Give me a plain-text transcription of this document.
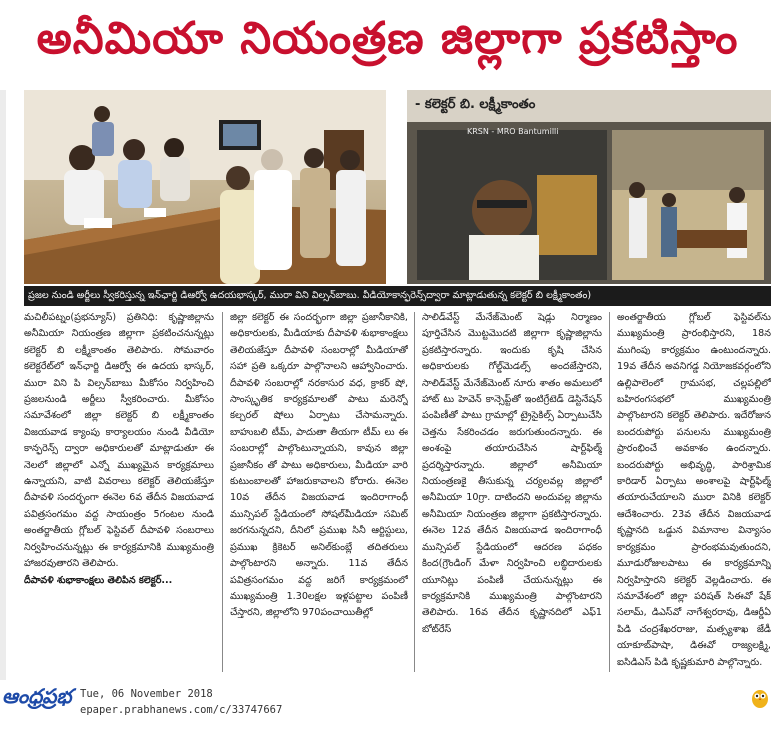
అనీమియా నియంత్రణ జిల్లాగా ప్రకటిస్తాం
KRSN - MRO Bantumilli
- కలెక్టర్ బి. లక్ష్మీకాంతం
ప్రజల నుండి అర్జీలు స్వీకరిస్తున్న ఇన్‌ఛార్జి డిఆర్వో ఉదయభాస్కర్, మురా విని విల్సన్‌బాబు. వీడియోకాన్ఫరెన్స్‌ద్వారా మాట్లాడుతున్న కలెక్టర్ బి లక్ష్మీకాంతం)

మచిలీపట్నం(ప్రభన్యూస్) ప్రతినిధి: కృష్ణాజిల్లాను అనీమియా నియంత్రణ జిల్లాగా ప్రకటించనున్నట్లు కలెక్టర్ బి లక్ష్మీకాంతం తెలిపారు. సోమవారం కలెక్టరేట్‌లో ఇన్‌ఛార్జి డిఆర్వో ఈ ఉదయ భాస్కర్, మురా విని పి విల్సన్‌బాబు మీకోసం నిర్వహించి ప్రజలనుండి అర్జీలు స్వీకరించారు. మీకోసం సమావేశంలో జిల్లా కలెక్టర్ బి లక్ష్మీకాంతం విజయవాడ క్యాంపు కార్యాలయం నుండి వీడియో కాన్ఫరెన్స్ ద్వారా అధికారులతో మాట్లాడుతూ ఈ నెలలో జిల్లాలో ఎన్నో ముఖ్యమైన కార్యక్రమాలు ఉన్నాయని, వాటి వివరాలు కలెక్టర్ తెలియజేస్తూ దీపావళి సందర్భంగా ఈనెల 6వ తేదీన విజయవాడ పవిత్రసంగమం వద్ద సాయంత్రం 5గంటల నుండి అంతర్జాతీయ గ్లోబల్ ఫెస్టివల్ దీపావళి సంబరాలు నిర్వహించనున్నట్లు ఈ కార్యక్రమానికి ముఖ్యమంత్రి హాజరవుతారని తెలిపారు.

దీపావళి శుభాకాంక్షలు తెలిపిన కలెక్టర్...

జిల్లా కలెక్టర్ ఈ సందర్భంగా జిల్లా ప్రజానీకానికి, అధికారులకు, మీడియాకు దీపావళి శుభాకాంక్షలు తెలియజేస్తూ దీపావళి సంబరాల్లో మీడియాతో సహా ప్రతి ఒక్కరూ పాల్గొనాలని ఆహ్వానించారు. దీపావళి సంబరాల్లో నరకాసుర వధ, క్రాకర్ షో, సాంస్కృతిక కార్యక్రమాలతో పాటు మరెన్నో కల్చరల్ షోలు ఏర్పాటు చేసామన్నారు. బాహుబలి టీమ్, పాదుతా తీయగా టీమ్ లు ఈ సంబరాల్లో పాల్గొంటున్నాయని, కావున జిల్లా ప్రజానీకం తో పాటు అధికారులు, మీడియా వారి కుటుంబాలతో హాజరుకావాలని కోరారు. ఈనెల 10వ తేదీన విజయవాడ ఇందిరాగాంధీ మున్సిపల్ స్టేడియంలో సోషల్‌మీడియా సమిట్ జరగనున్నదని, దీనిలో ప్రముఖ సినీ ఆర్టిస్టులు, ప్రముఖ క్రికెటర్ అనిల్‌కుంబ్లే తదితరులు పాల్గొంటారని అన్నారు. 11వ తేదీన పవిత్రసంగమం వద్ద జరిగే కార్యక్రమంలో ముఖ్యమంత్రి 1.30లక్షల ఇళ్లపట్టాల పంపిణీ చేస్తారని, జిల్లాలోని 970పంచాయితీల్లో

సాలిడ్‌వేస్ట్ మేనేజ్‌మెంట్ షెడ్లు నిర్మాణం పూర్తిచేసిన మొట్టమొదటి జిల్లాగా కృష్ణాజిల్లాను ప్రకటిస్తారన్నారు. ఇందుకు కృషి చేసిన అధికారులకు గోల్డ్‌మెడల్స్ అందజేస్తారని, సాలిడ్‌వేస్ట్ మేనేజ్‌మెంట్ నూరు శాతం అమలులో హాట్ టు హెవెన్ కాన్సెప్ట్‌తో ఇంటిగ్రేటెడ్ డెస్టినేషన్ పంపిణీతో పాటు గ్రామాల్లో ట్రైసైకిల్స్ ఏర్పాటుచేసి చెత్తను సేకరించడం జరుగుతుందన్నారు. ఈ అంశంపై తయారుచేసిన షార్ట్‌ఫిల్మ్‌ ప్రదర్శిస్తారన్నారు. జిల్లాలో అనీమియా నియంత్రణకై తీసుకున్న చర్యలవల్ల జిల్లాలో అనీమియా 10గ్రా. దాటిందని అందువల్ల జిల్లాను అనీమియా నియంత్రణ జిల్లాగా ప్రకటిస్తారన్నారు. ఈనెల 12వ తేదీన విజయవాడ ఇందిరాగాంధీ మున్సిపల్ స్టేడియంలో ఆదరణ పధకం కింద(గ్రౌండింగ్ మేళా నిర్వహించి లబ్ధిదారులకు యూనిట్లు పంపిణీ చేయనున్నట్లు ఈ కార్యక్రమానికి ముఖ్యమంత్రి పాల్గొంటారని తెలిపారు. 16వ తేదీన కృష్ణానదిలో ఎఫ్1 బోట్‌రేస్

అంతర్జాతీయ గ్లోబల్ ఫెస్టివల్‌ను ముఖ్యమంత్రి ప్రారంభిస్తారని, 18న ముగింపు కార్యక్రమం ఉంటుందన్నారు. 19వ తేదీన అవనిగడ్డ నియోజకవర్గంలోని ఉల్లిపాలెంలో గ్రామసభ, చల్లపల్లిలో బహిరంగసభలో ముఖ్యమంత్రి పాల్గొంటారని కలెక్టర్ తెలిపారు. ఇదేరోజున బందరుపోర్టు పనులను ముఖ్యమంత్రి ప్రారంభించే అవకాశం ఉందన్నారు. బందరుపోర్టు అభివృద్ధి, పారిశ్రామిక కారిడార్ ఏర్పాటు అంశాలపై షార్ట్‌ఫిల్మ్ తయారుచేయాలని మురా వినికి కలెక్టర్ ఆదేశించారు. 23వ తేదీన విజయవాడ కృష్ణానది ఒడ్డున విమానాల విన్యాసం కార్యక్రమం ప్రారంభమవుతుందని, మూడురోజులపాటు ఈ కార్యక్రమాన్ని నిర్వహిస్తారని కలెక్టర్ వెల్లడించారు. ఈ సమావేశంలో జిల్లా పరిషత్ సిఈవో షేక్ సలామ్, డిఎస్‌వో నాగేశ్వరరావు, డిఆర్డీఏ పిడి చంద్రశేఖరరాజు, మత్స్యశాఖ జేడీ యాకూబ్‌పాషా, డిఈవో రాజ్యలక్ష్మి, ఐసిడిఎస్ పిడి కృష్ణకుమారి పాల్గొన్నారు.

ఆంధ్రప్రభ Tue, 06 November 2018
epaper.prabhanews.com/c/33747667
